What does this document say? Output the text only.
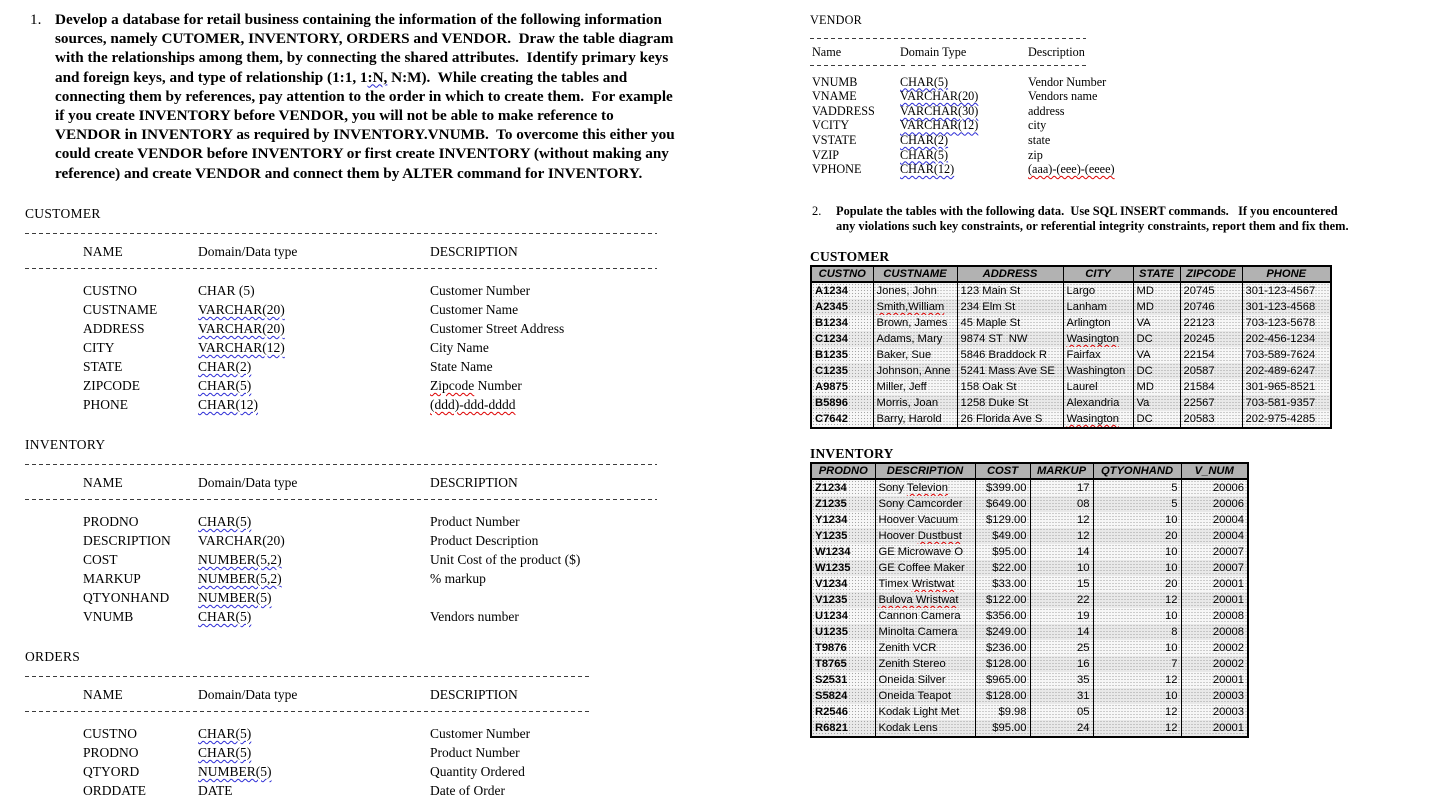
1. Develop a database for retail business containing the information of the following information
sources, namely CUTOMER, INVENTORY, ORDERS and VENDOR.  Draw the table diagram
with the relationships among them, by connecting the shared attributes.  Identify primary keys
and foreign keys, and type of relationship (1:1, 1:N, N:M).  While creating the tables and
connecting them by references, pay attention to the order in which to create them.  For example
if you create INVENTORY before VENDOR, you will not be able to make reference to
VENDOR in INVENTORY as required by INVENTORY.VNUMB.  To overcome this either you
could create VENDOR before INVENTORY or first create INVENTORY (without making any
reference) and create VENDOR and connect them by ALTER command for INVENTORY.
CUSTOMER
NAME	Domain/Data type	DESCRIPTION
CUSTNO	CHAR (5)	Customer Number
CUSTNAME	VARCHAR(20)	Customer Name
ADDRESS	VARCHAR(20)	Customer Street Address
CITY	VARCHAR(12)	City Name
STATE	CHAR(2)	State Name
ZIPCODE	CHAR(5)	Zipcode Number
PHONE	CHAR(12)	(ddd)-ddd-dddd
INVENTORY
NAME	Domain/Data type	DESCRIPTION
PRODNO	CHAR(5)	Product Number
DESCRIPTION	VARCHAR(20)	Product Description
COST	NUMBER(5,2)	Unit Cost of the product ($)
MARKUP	NUMBER(5,2)	% markup
QTYONHAND	NUMBER(5)
VNUMB	CHAR(5)	Vendors number
ORDERS
NAME	Domain/Data type	DESCRIPTION
CUSTNO	CHAR(5)	Customer Number
PRODNO	CHAR(5)	Product Number
QTYORD	NUMBER(5)	Quantity Ordered
ORDDATE	DATE	Date of Order
VENDOR
Name	Domain Type	Description
VNUMB	CHAR(5)	Vendor Number
VNAME	VARCHAR(20)	Vendors name
VADDRESS	VARCHAR(30)	address
VCITY	VARCHAR(12)	city
VSTATE	CHAR(2)	state
VZIP	CHAR(5)	zip
VPHONE	CHAR(12)	(aaa)-(eee)-(eeee)
2.	Populate the tables with the following data.  Use SQL INSERT commands.   If you encountered
any violations such key constraints, or referential integrity constraints, report them and fix them.
CUSTOMER
CUSTNO	CUSTNAME	ADDRESS	CITY	STATE	ZIPCODE	PHONE
A1234	Jones, John	123 Main St	Largo	MD	20745	301-123-4567
A2345	Smith,William	234 Elm St	Lanham	MD	20746	301-123-4568
B1234	Brown, James	45 Maple St	Arlington	VA	22123	703-123-5678
C1234	Adams, Mary	9874 ST  NW	Wasington	DC	20245	202-456-1234
B1235	Baker, Sue	5846 Braddock R	Fairfax	VA	22154	703-589-7624
C1235	Johnson, Anne	5241 Mass Ave SE	Washington	DC	20587	202-489-6247
A9875	Miller, Jeff	158 Oak St	Laurel	MD	21584	301-965-8521
B5896	Morris, Joan	1258 Duke St	Alexandria	Va	22567	703-581-9357
C7642	Barry, Harold	26 Florida Ave S	Wasington	DC	20583	202-975-4285
INVENTORY
PRODNO	DESCRIPTION	COST	MARKUP	QTYONHAND	V_NUM
Z1234	Sony Televion	$399.00	17	5	20006
Z1235	Sony Camcorder	$649.00	08	5	20006
Y1234	Hoover Vacuum	$129.00	12	10	20004
Y1235	Hoover Dustbust	$49.00	12	20	20004
W1234	GE Microwave O	$95.00	14	10	20007
W1235	GE Coffee Maker	$22.00	10	10	20007
V1234	Timex Wristwat	$33.00	15	20	20001
V1235	Bulova Wristwat	$122.00	22	12	20001
U1234	Cannon Camera	$356.00	19	10	20008
U1235	Minolta Camera	$249.00	14	8	20008
T9876	Zenith VCR	$236.00	25	10	20002
T8765	Zenith Stereo	$128.00	16	7	20002
S2531	Oneida Silver	$965.00	35	12	20001
S5824	Oneida Teapot	$128.00	31	10	20003
R2546	Kodak Light Met	$9.98	05	12	20003
R6821	Kodak Lens	$95.00	24	12	20001
